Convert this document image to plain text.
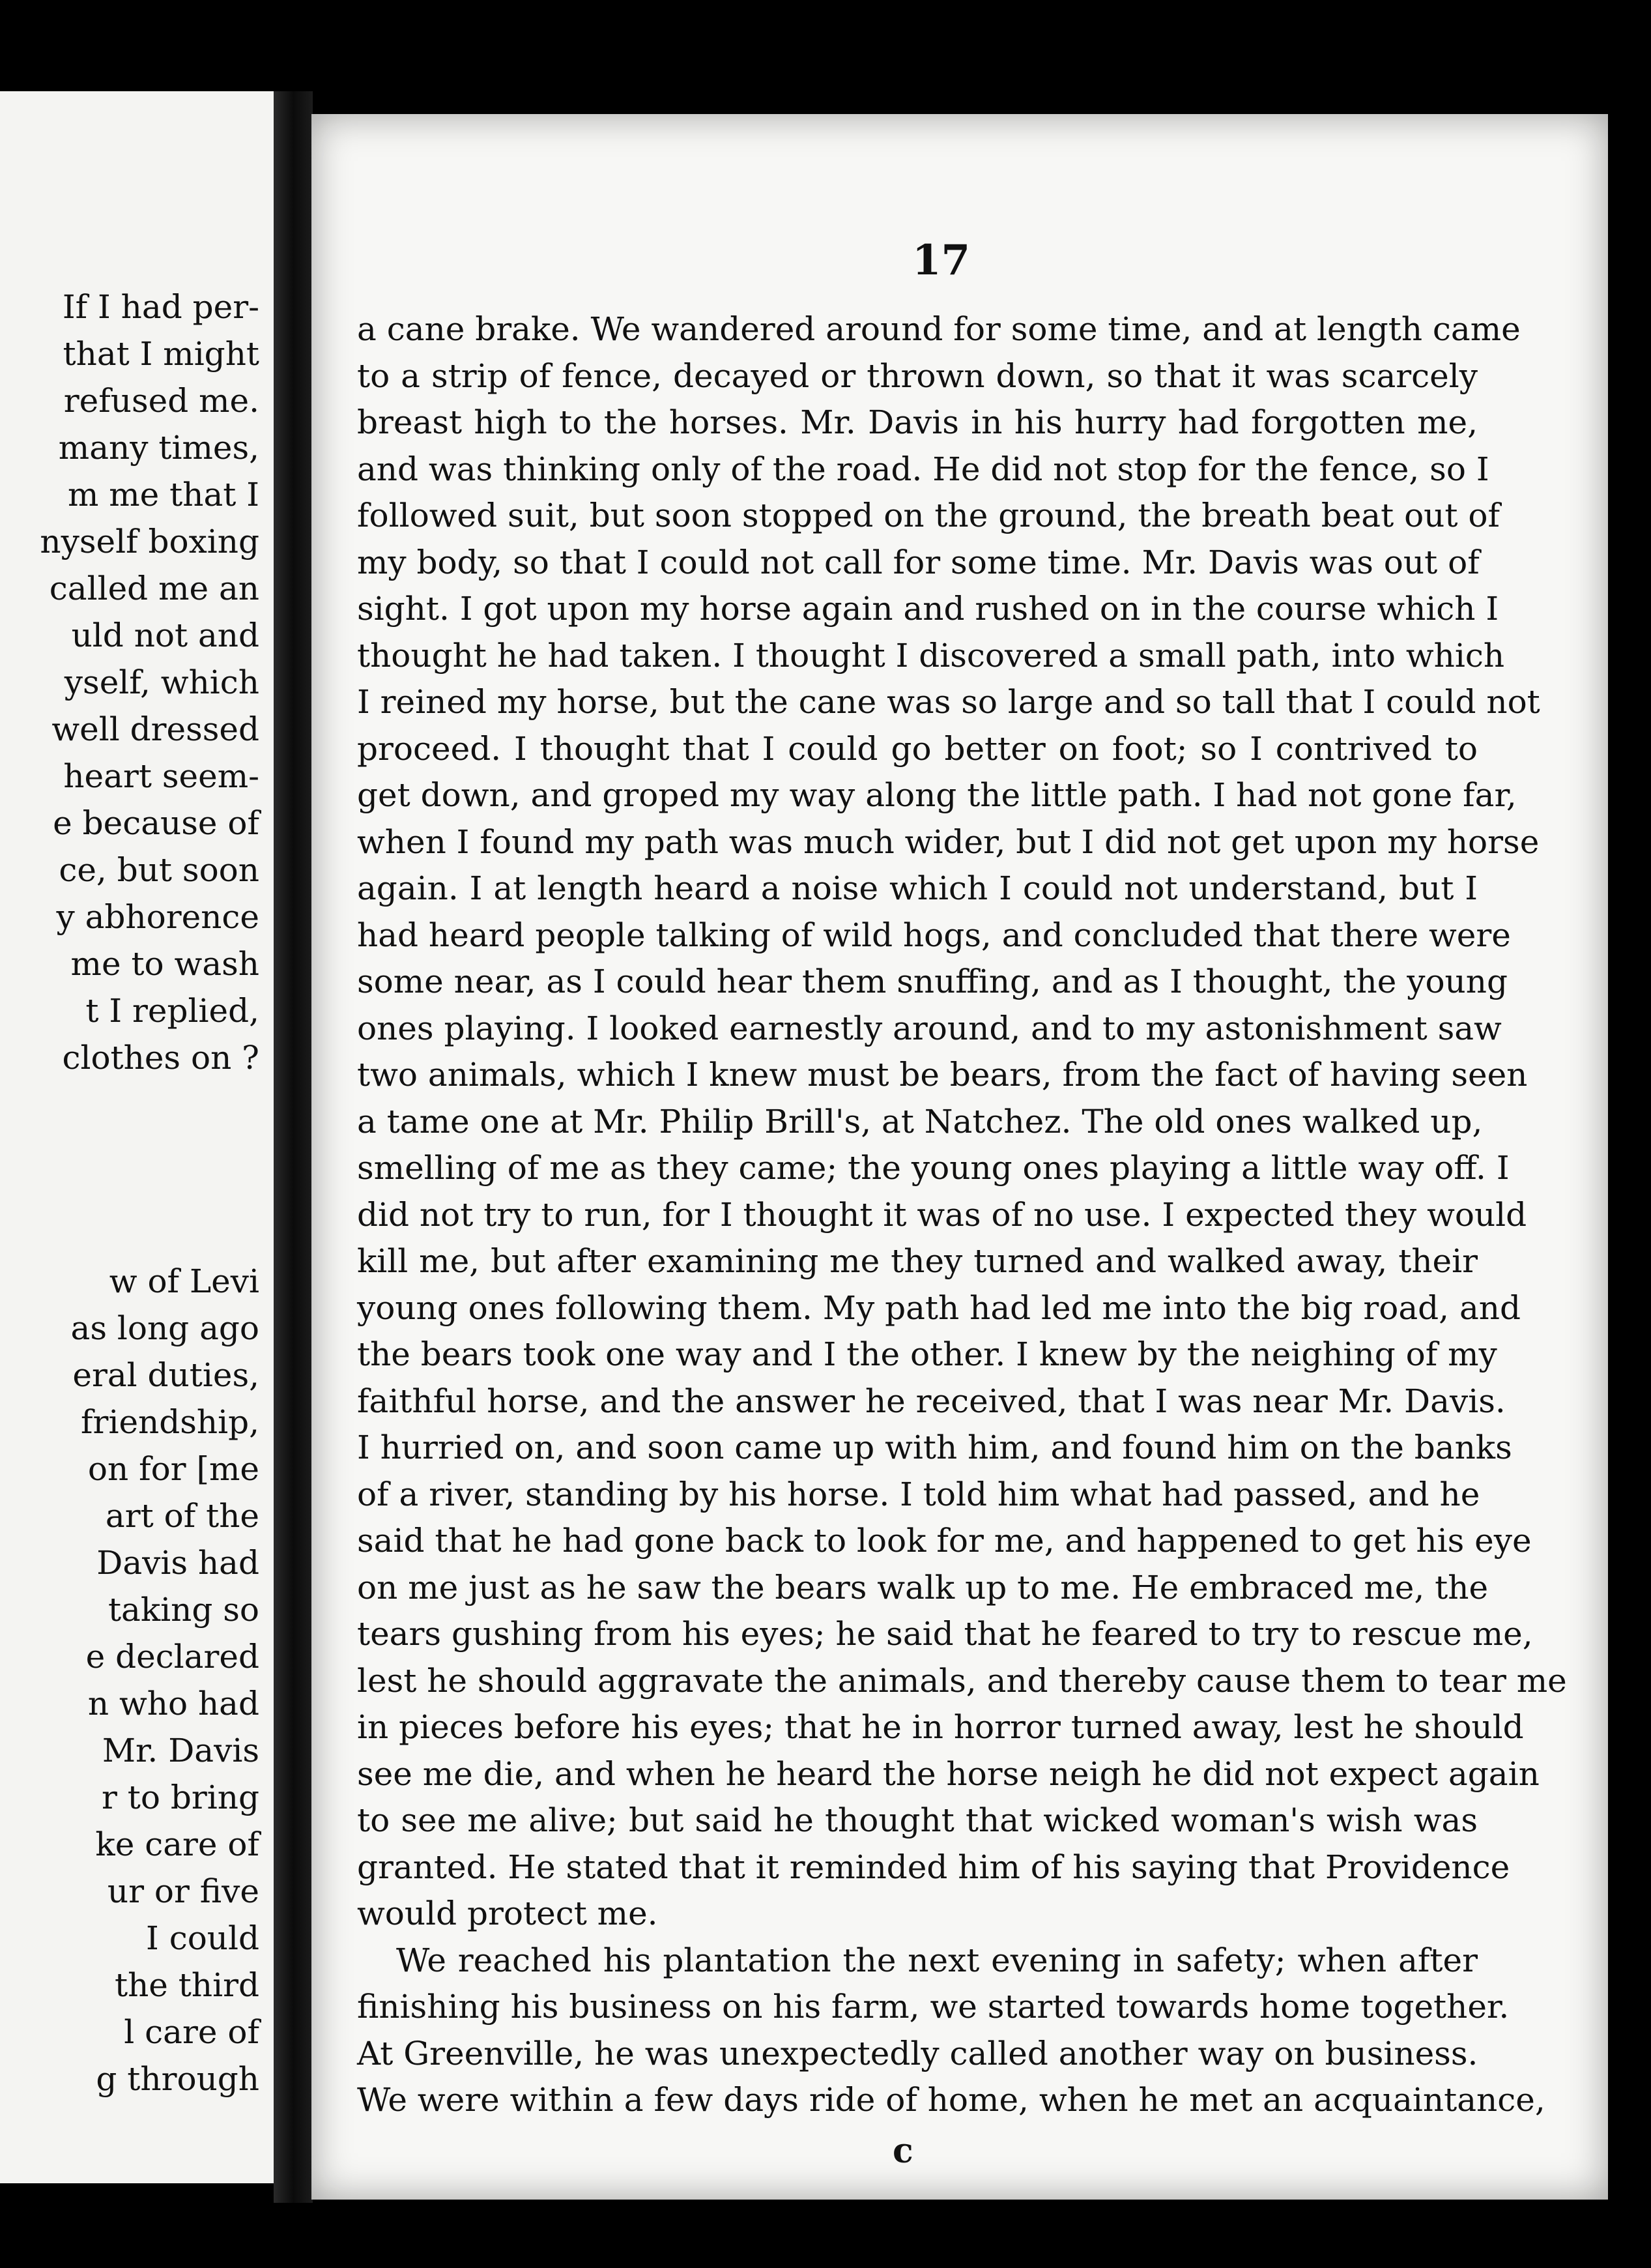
If I had per-
that I might
refused me.
many times,
m me that I
nyself boxing
called me an
uld not and
yself, which
well dressed
heart seem-
e because of
ce, but soon
y abhorence
me to wash
t I replied,
clothes on ?
w of Levi
as long ago
eral duties,
friendship,
on for [me
art of the
Davis had
taking so
e declared
n who had
Mr. Davis
r to bring
ke care of
ur or five
I could
the third
l care of
g through
17
a cane brake. We wandered around for some time, and at length came
to a strip of fence, decayed or thrown down, so that it was scarcely
breast high to the horses. Mr. Davis in his hurry had forgotten me,
and was thinking only of the road. He did not stop for the fence, so I
followed suit, but soon stopped on the ground, the breath beat out of
my body, so that I could not call for some time. Mr. Davis was out of
sight. I got upon my horse again and rushed on in the course which I
thought he had taken. I thought I discovered a small path, into which
I reined my horse, but the cane was so large and so tall that I could not
proceed. I thought that I could go better on foot; so I contrived to
get down, and groped my way along the little path. I had not gone far,
when I found my path was much wider, but I did not get upon my horse
again. I at length heard a noise which I could not understand, but I
had heard people talking of wild hogs, and concluded that there were
some near, as I could hear them snuffing, and as I thought, the young
ones playing. I looked earnestly around, and to my astonishment saw
two animals, which I knew must be bears, from the fact of having seen
a tame one at Mr. Philip Brill's, at Natchez. The old ones walked up,
smelling of me as they came; the young ones playing a little way off. I
did not try to run, for I thought it was of no use. I expected they would
kill me, but after examining me they turned and walked away, their
young ones following them. My path had led me into the big road, and
the bears took one way and I the other. I knew by the neighing of my
faithful horse, and the answer he received, that I was near Mr. Davis.
I hurried on, and soon came up with him, and found him on the banks
of a river, standing by his horse. I told him what had passed, and he
said that he had gone back to look for me, and happened to get his eye
on me just as he saw the bears walk up to me. He embraced me, the
tears gushing from his eyes; he said that he feared to try to rescue me,
lest he should aggravate the animals, and thereby cause them to tear me
in pieces before his eyes; that he in horror turned away, lest he should
see me die, and when he heard the horse neigh he did not expect again
to see me alive; but said he thought that wicked woman's wish was
granted. He stated that it reminded him of his saying that Providence
would protect me.
We reached his plantation the next evening in safety; when after
finishing his business on his farm, we started towards home together.
At Greenville, he was unexpectedly called another way on business.
We were within a few days ride of home, when he met an acquaintance,
c
